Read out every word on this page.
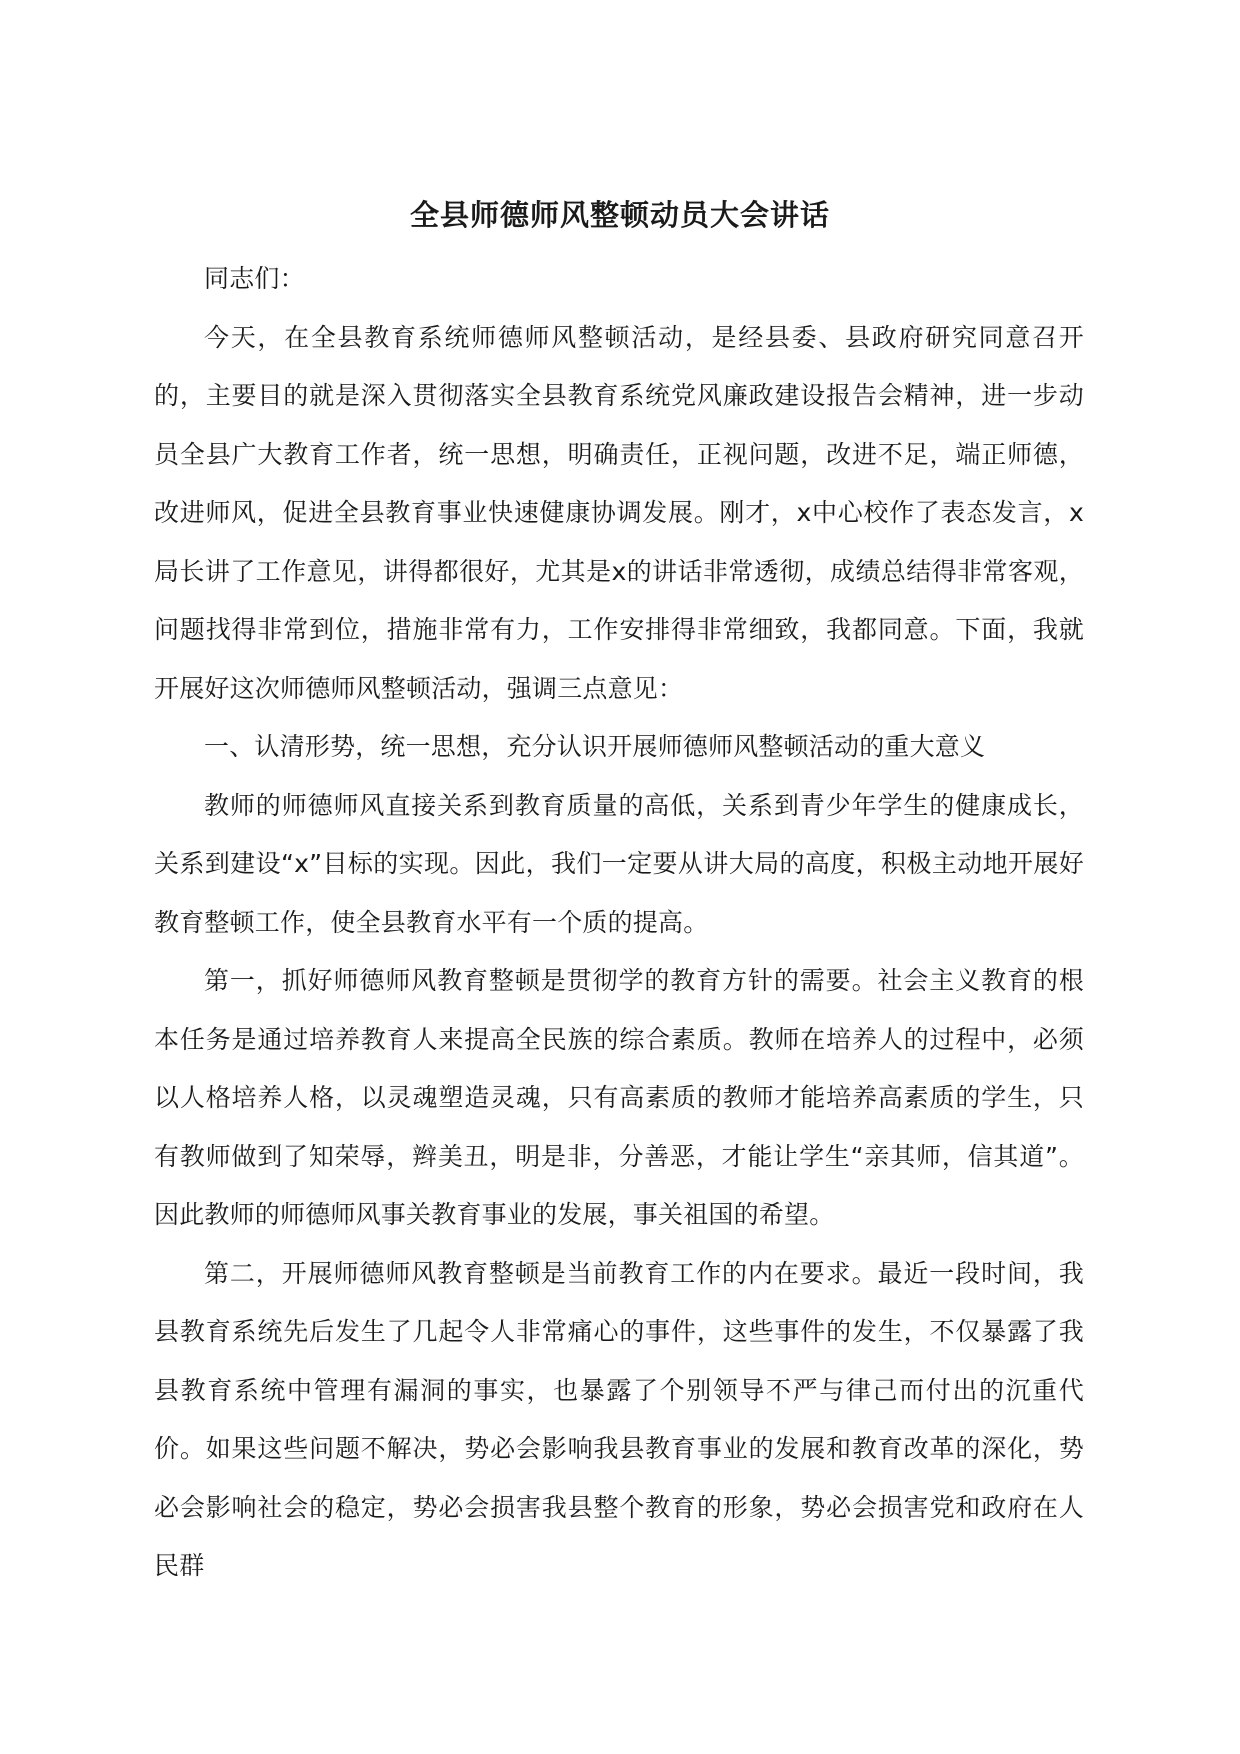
全县师德师风整顿动员大会讲话

同志们：

今天，在全县教育系统师德师风整顿活动，是经县委、县政府研究同意召开的，主要目的就是深入贯彻落实全县教育系统党风廉政建设报告会精神，进一步动员全县广大教育工作者，统一思想，明确责任，正视问题，改进不足，端正师德，改进师风，促进全县教育事业快速健康协调发展。刚才，x中心校作了表态发言，x局长讲了工作意见，讲得都很好，尤其是x的讲话非常透彻，成绩总结得非常客观，问题找得非常到位，措施非常有力，工作安排得非常细致，我都同意。下面，我就开展好这次师德师风整顿活动，强调三点意见：

一、认清形势，统一思想，充分认识开展师德师风整顿活动的重大意义

教师的师德师风直接关系到教育质量的高低，关系到青少年学生的健康成长，关系到建设“x”目标的实现。因此，我们一定要从讲大局的高度，积极主动地开展好教育整顿工作，使全县教育水平有一个质的提高。

第一，抓好师德师风教育整顿是贯彻学的教育方针的需要。社会主义教育的根本任务是通过培养教育人来提高全民族的综合素质。教师在培养人的过程中，必须以人格培养人格，以灵魂塑造灵魂，只有高素质的教师才能培养高素质的学生，只有教师做到了知荣辱，辫美丑，明是非，分善恶，才能让学生“亲其师，信其道”。因此教师的师德师风事关教育事业的发展，事关祖国的希望。

第二，开展师德师风教育整顿是当前教育工作的内在要求。最近一段时间，我县教育系统先后发生了几起令人非常痛心的事件，这些事件的发生，不仅暴露了我县教育系统中管理有漏洞的事实，也暴露了个别领导不严与律己而付出的沉重代价。如果这些问题不解决，势必会影响我县教育事业的发展和教育改革的深化，势必会影响社会的稳定，势必会损害我县整个教育的形象，势必会损害党和政府在人民群
